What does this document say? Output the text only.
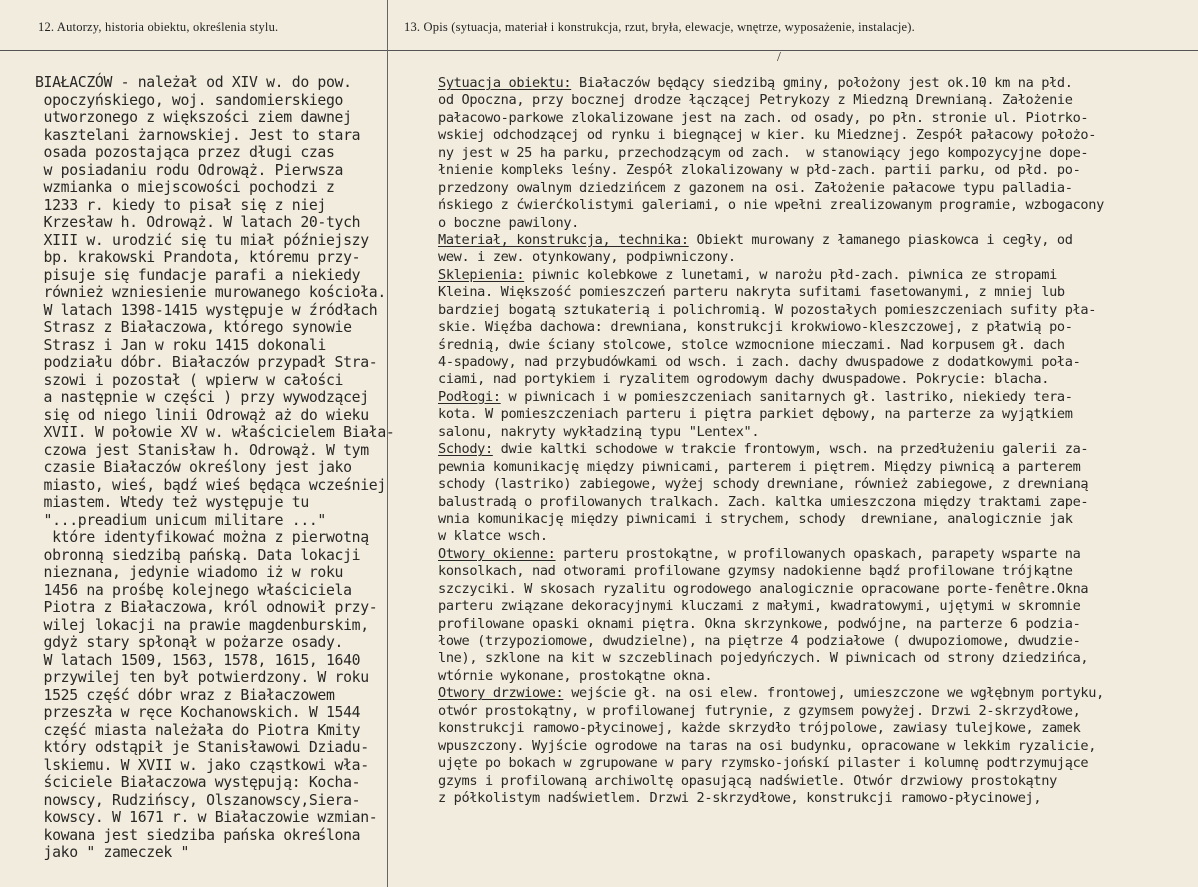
12. Autorzy, historia obiektu, określenia stylu.	13. Opis (sytuacja, materiał i konstrukcja, rzut, bryła, elewacje, wnętrze, wyposażenie, instalacje).
/
BIAŁACZÓW - należał od XIV w. do pow.
opoczyńskiego, woj. sandomierskiego
utworzonego z większości ziem dawnej
kasztelani żarnowskiej. Jest to stara
osada pozostająca przez długi czas
w posiadaniu rodu Odrowąż. Pierwsza
wzmianka o miejscowości pochodzi z
1233 r. kiedy to pisał się z niej
Krzesław h. Odrowąż. W latach 20-tych
XIII w. urodzić się tu miał późniejszy
bp. krakowski Prandota, któremu przy-
pisuje się fundacje parafi a niekiedy
również wzniesienie murowanego kościoła.
W latach 1398-1415 występuje w źródłach
Strasz z Białaczowa, którego synowie
Strasz i Jan w roku 1415 dokonali
podziału dóbr. Białaczów przypadł Stra-
szowi i pozostał ( wpierw w całości
a następnie w części ) przy wywodzącej
się od niego linii Odrowąż aż do wieku
XVII. W połowie XV w. właścicielem Biała-
czowa jest Stanisław h. Odrowąż. W tym
czasie Białaczów określony jest jako
miasto, wieś, bądź wieś będąca wcześniej
miastem. Wtedy też występuje tu
"...preadium unicum militare ..."
które identyfikować można z pierwotną
obronną siedzibą pańską. Data lokacji
nieznana, jedynie wiadomo iż w roku
1456 na prośbę kolejnego właściciela
Piotra z Białaczowa, król odnowił przy-
wilej lokacji na prawie magdenburskim,
gdyż stary spłonął w pożarze osady.
W latach 1509, 1563, 1578, 1615, 1640
przywilej ten był potwierdzony. W roku
1525 część dóbr wraz z Białaczowem
przeszła w ręce Kochanowskich. W 1544
część miasta należała do Piotra Kmity
który odstąpił je Stanisławowi Dziadu-
lskiemu. W XVII w. jako cząstkowi wła-
ściciele Białaczowa występują: Kocha-
nowscy, Rudzińscy, Olszanowscy,Siera-
kowscy. W 1671 r. w Białaczowie wzmian-
kowana jest siedziba pańska określona
jako " zameczek "
Sytuacja obiektu: Białaczów będący siedzibą gminy, położony jest ok.10 km na płd.
od Opoczna, przy bocznej drodze łączącej Petrykozy z Miedzną Drewnianą. Założenie
pałacowo-parkowe zlokalizowane jest na zach. od osady, po płn. stronie ul. Piotrko-
wskiej odchodzącej od rynku i biegnącej w kier. ku Miedznej. Zespół pałacowy położo-
ny jest w 25 ha parku, przechodzącym od zach.  w stanowiący jego kompozycyjne dope-
łnienie kompleks leśny. Zespół zlokalizowany w płd-zach. partii parku, od płd. po-
przedzony owalnym dziedzińcem z gazonem na osi. Założenie pałacowe typu palladia-
ńskiego z ćwierćkolistymi galeriami, o nie wpełni zrealizowanym programie, wzbogacony
o boczne pawilony.
Materiał, konstrukcja, technika: Obiekt murowany z łamanego piaskowca i cegły, od
wew. i zew. otynkowany, podpiwniczony.
Sklepienia: piwnic kolebkowe z lunetami, w narożu płd-zach. piwnica ze stropami
Kleina. Większość pomieszczeń parteru nakryta sufitami fasetowanymi, z mniej lub
bardziej bogatą sztukaterią i polichromią. W pozostałych pomieszczeniach sufity pła-
skie. Więźba dachowa: drewniana, konstrukcji krokwiowo-kleszczowej, z płatwią po-
średnią, dwie ściany stolcowe, stolce wzmocnione mieczami. Nad korpusem gł. dach
4-spadowy, nad przybudówkami od wsch. i zach. dachy dwuspadowe z dodatkowymi poła-
ciami, nad portykiem i ryzalitem ogrodowym dachy dwuspadowe. Pokrycie: blacha.
Podłogi: w piwnicach i w pomieszczeniach sanitarnych gł. lastriko, niekiedy tera-
kota. W pomieszczeniach parteru i piętra parkiet dębowy, na parterze za wyjątkiem
salonu, nakryty wykładziną typu "Lentex".
Schody: dwie kaltki schodowe w trakcie frontowym, wsch. na przedłużeniu galerii za-
pewnia komunikację między piwnicami, parterem i piętrem. Między piwnicą a parterem
schody (lastriko) zabiegowe, wyżej schody drewniane, również zabiegowe, z drewnianą
balustradą o profilowanych tralkach. Zach. kaltka umieszczona między traktami zape-
wnia komunikację między piwnicami i strychem, schody  drewniane, analogicznie jak
w klatce wsch.
Otwory okienne: parteru prostokątne, w profilowanych opaskach, parapety wsparte na
konsolkach, nad otworami profilowane gzymsy nadokienne bądź profilowane trójkątne
szczyciki. W skosach ryzalitu ogrodowego analogicznie opracowane porte-fenêtre.Okna
parteru związane dekoracyjnymi kluczami z małymi, kwadratowymi, ujętymi w skromnie
profilowane opaski oknami piętra. Okna skrzynkowe, podwójne, na parterze 6 podzia-
łowe (trzypoziomowe, dwudzielne), na piętrze 4 podziałowe ( dwupoziomowe, dwudzie-
lne), szklone na kit w szczeblinach pojedyńczych. W piwnicach od strony dziedzińca,
wtórnie wykonane, prostokątne okna.
Otwory drzwiowe: wejście gł. na osi elew. frontowej, umieszczone we wgłębnym portyku,
otwór prostokątny, w profilowanej futrynie, z gzymsem powyżej. Drzwi 2-skrzydłowe,
konstrukcji ramowo-płycinowej, każde skrzydło trójpolowe, zawiasy tulejkowe, zamek
wpuszczony. Wyjście ogrodowe na taras na osi budynku, opracowane w lekkim ryzalicie,
ujęte po bokach w zgrupowane w pary rzymsko-jońskí pilaster i kolumnę podtrzymujące
gzyms i profilowaną archiwoltę opasującą nadświetle. Otwór drzwiowy prostokątny
z półkolistym nadświetlem. Drzwi 2-skrzydłowe, konstrukcji ramowo-płycinowej,
